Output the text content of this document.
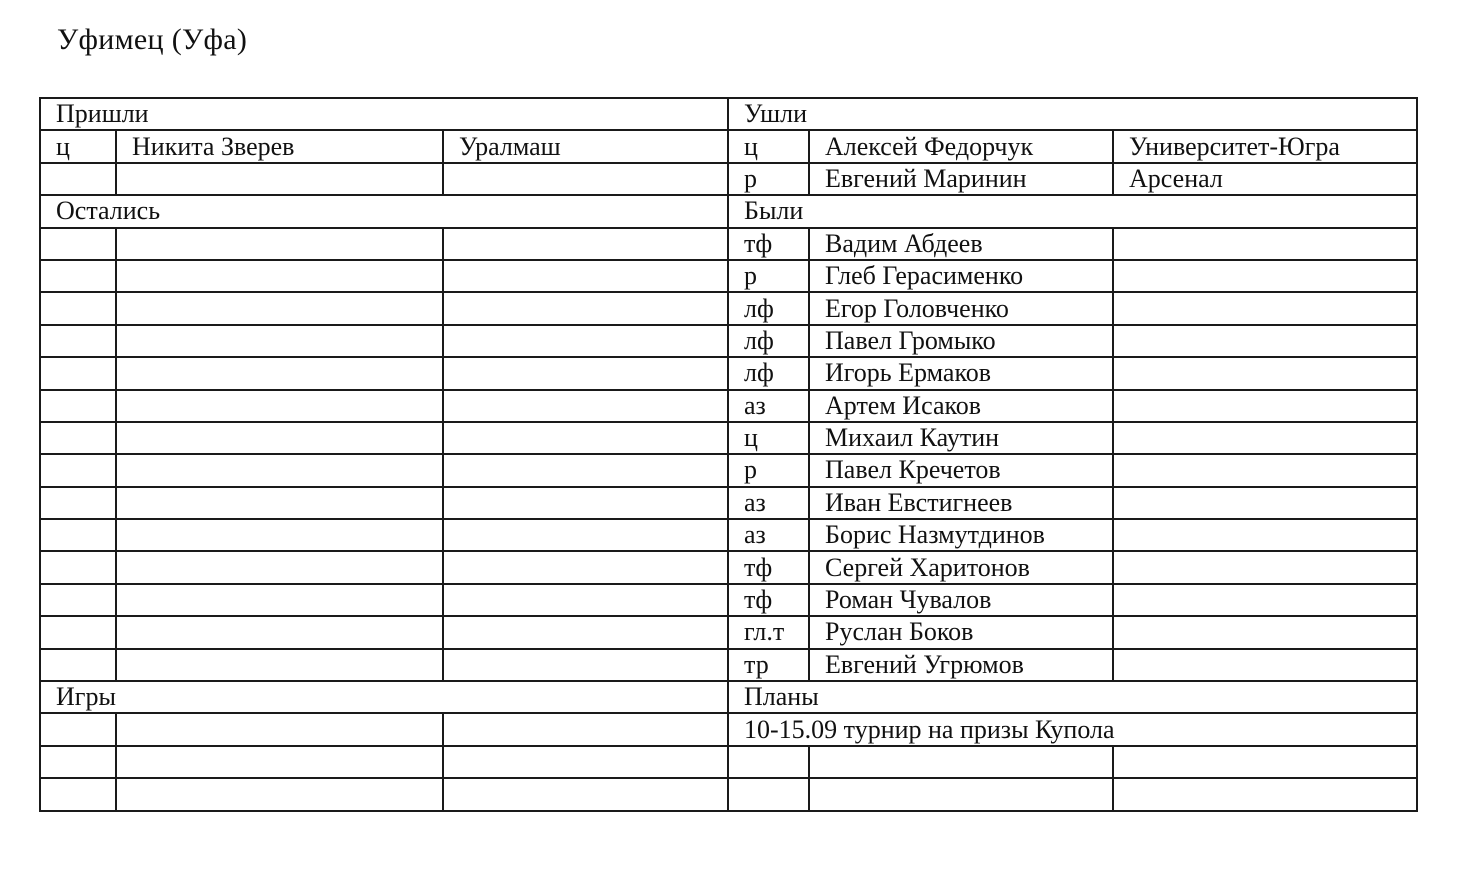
Уфимец (Уфа)
Пришли			Ушли		
ц	Никита Зверев	Уралмаш	ц	Алексей Федорчук	Университет-Югра
			р	Евгений Маринин	Арсенал
Остались			Были		
			тф	Вадим Абдеев	
			р	Глеб Герасименко	
			лф	Егор Головченко	
			лф	Павел Громыко	
			лф	Игорь Ермаков	
			аз	Артем Исаков	
			ц	Михаил Каутин	
			р	Павел Кречетов	
			аз	Иван Евстигнеев	
			аз	Борис Назмутдинов	
			тф	Сергей Харитонов	
			тф	Роман Чувалов	
			гл.т	Руслан Боков	
			тр	Евгений Угрюмов	
Игры			Планы		
			10-15.09 турнир на призы Купола		
